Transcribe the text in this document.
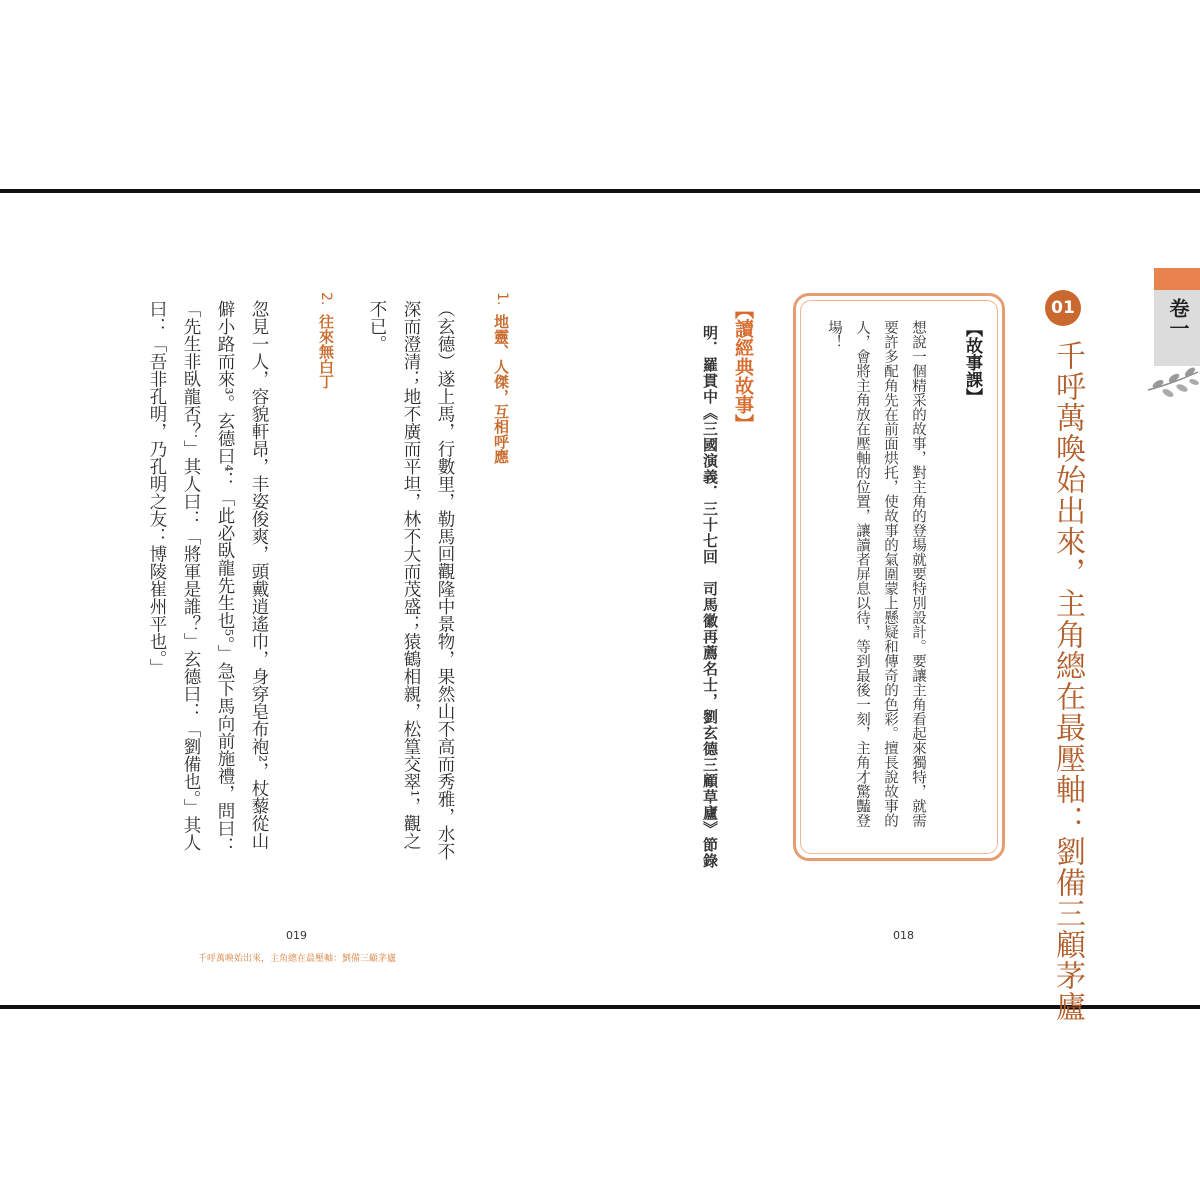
卷一
01
千呼萬喚始出來，主角總在最壓軸：劉備三顧茅廬
【故事課】
想說一個精采的故事，對主角的登場就要特別設計。要讓主角看起來獨特，就需要許多配角先在前面烘托，使故事的氣圍蒙上懸疑和傳奇的色彩。擅長說故事的人，會將主角放在壓軸的位置，讓讀者屏息以待，等到最後一刻，主角才驚豔登場！
【讀經典故事】
明．羅貫中《三國演義．三十七回　司馬徽再薦名士，劉玄德三顧草廬》節錄
018
1.
地靈、人傑，互相呼應
（玄德）遂上馬，行數里，勒馬回觀隆中景物，果然山不高而秀雅，水不深而澄清；地不廣而平坦，林不大而茂盛；猿鶴相親，松篁交翠¹，觀之不已。
2.
往來無白丁
忽見一人，容貌軒昂，丰姿俊爽，頭戴逍遙巾，身穿皂布袍²，杖藜從山僻小路而來³。玄德曰⁴：「此必臥龍先生也⁵。」急下馬向前施禮，問曰：「先生非臥龍否？」其人曰：「將軍是誰？」玄德曰：「劉備也。」其人曰：「吾非孔明，乃孔明之友：博陵崔州平也。」
019
千呼萬喚始出來，主角總在最壓軸：劉備三顧茅廬
